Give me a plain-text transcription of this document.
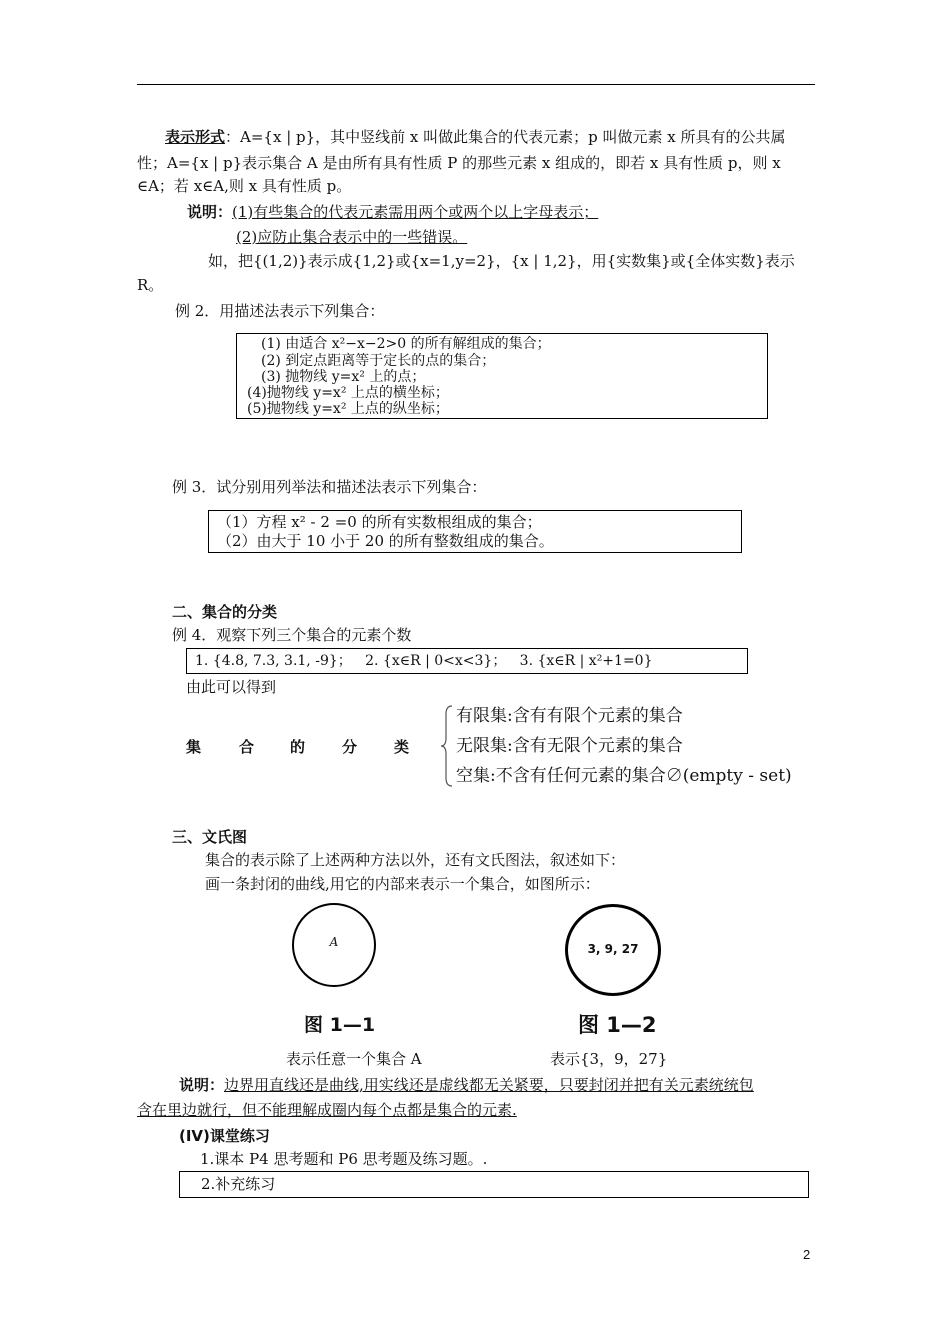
表示形式：A={x | p}，其中竖线前 x 叫做此集合的代表元素；p 叫做元素 x 所具有的公共属
性；A={x | p}表示集合 A 是由所有具有性质 P 的那些元素 x 组成的，即若 x 具有性质 p，则 x
∈A；若 x∈A,则 x 具有性质 p。
说明：(1)有些集合的代表元素需用两个或两个以上字母表示；
(2)应防止集合表示中的一些错误。
如，把{(1,2)}表示成{1,2}或{x=1,y=2}，{x | 1,2}，用{实数集}或{全体实数}表示
R。
例 2．用描述法表示下列集合：
(1) 由适合 x²−x−2>0 的所有解组成的集合；
(2) 到定点距离等于定长的点的集合；
(3) 抛物线 y=x² 上的点；
(4)抛物线 y=x² 上点的横坐标；
(5)抛物线 y=x² 上点的纵坐标；
例 3．试分别用列举法和描述法表示下列集合：
（1）方程 x² - 2 =0 的所有实数根组成的集合；
（2）由大于 10 小于 20 的所有整数组成的集合。
二、集合的分类
例 4．观察下列三个集合的元素个数
1. {4.8, 7.3, 3.1, -9}；   2. {x∈R | 0<x<3}；   3. {x∈R | x²+1=0}
由此可以得到
集	合 的 分 类
有限集:含有有限个元素的集合
无限集:含有无限个元素的集合
空集:不含有任何元素的集合∅(empty - set)
三、文氏图
集合的表示除了上述两种方法以外，还有文氏图法，叙述如下：
画一条封闭的曲线,用它的内部来表示一个集合，如图所示：
A	3, 9, 27
图 1—1	图 1—2
表示任意一个集合 A	表示{3，9，27}
说明：边界用直线还是曲线,用实线还是虚线都无关紧要，只要封闭并把有关元素统统包
含在里边就行，但不能理解成圈内每个点都是集合的元素.
(IV)课堂练习
1.课本 P4 思考题和 P6 思考题及练习题。.
2.补充练习
2
